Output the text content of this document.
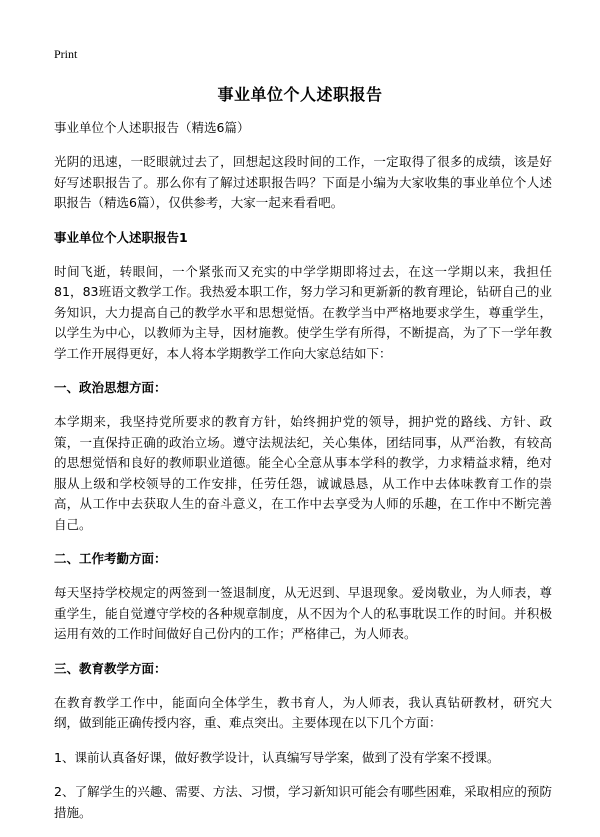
Print
事业单位个人述职报告

事业单位个人述职报告（精选6篇）

光阴的迅速，一眨眼就过去了，回想起这段时间的工作，一定取得了很多的成绩，该是好好写述职报告了。那么你有了解过述职报告吗？下面是小编为大家收集的事业单位个人述职报告（精选6篇），仅供参考，大家一起来看看吧。

事业单位个人述职报告1

时间飞逝，转眼间，一个紧张而又充实的中学学期即将过去，在这一学期以来，我担任81，83班语文教学工作。我热爱本职工作，努力学习和更新新的教育理论，钻研自己的业务知识，大力提高自己的教学水平和思想觉悟。在教学当中严格地要求学生，尊重学生，以学生为中心，以教师为主导，因材施教。使学生学有所得，不断提高，为了下一学年教学工作开展得更好，本人将本学期教学工作向大家总结如下：

一、政治思想方面：

本学期来，我坚持党所要求的教育方针，始终拥护党的领导，拥护党的路线、方针、政策，一直保持正确的政治立场。遵守法规法纪，关心集体，团结同事，从严治教，有较高的思想觉悟和良好的教师职业道德。能全心全意从事本学科的教学，力求精益求精，绝对服从上级和学校领导的工作安排，任劳任怨，诚诚恳恳，从工作中去体味教育工作的崇高，从工作中去获取人生的奋斗意义，在工作中去享受为人师的乐趣，在工作中不断完善自己。

二、工作考勤方面：

每天坚持学校规定的两签到一签退制度，从无迟到、早退现象。爱岗敬业，为人师表，尊重学生，能自觉遵守学校的各种规章制度，从不因为个人的私事耽误工作的时间。并积极运用有效的工作时间做好自己份内的工作；严格律己，为人师表。

三、教育教学方面：

在教育教学工作中，能面向全体学生，教书育人，为人师表，我认真钻研教材，研究大纲，做到能正确传授内容，重、难点突出。主要体现在以下几个方面：

1、课前认真备好课，做好教学设计，认真编写导学案，做到了没有学案不授课。

2、了解学生的兴趣、需要、方法、习惯，学习新知识可能会有哪些困难，采取相应的预防措施。
